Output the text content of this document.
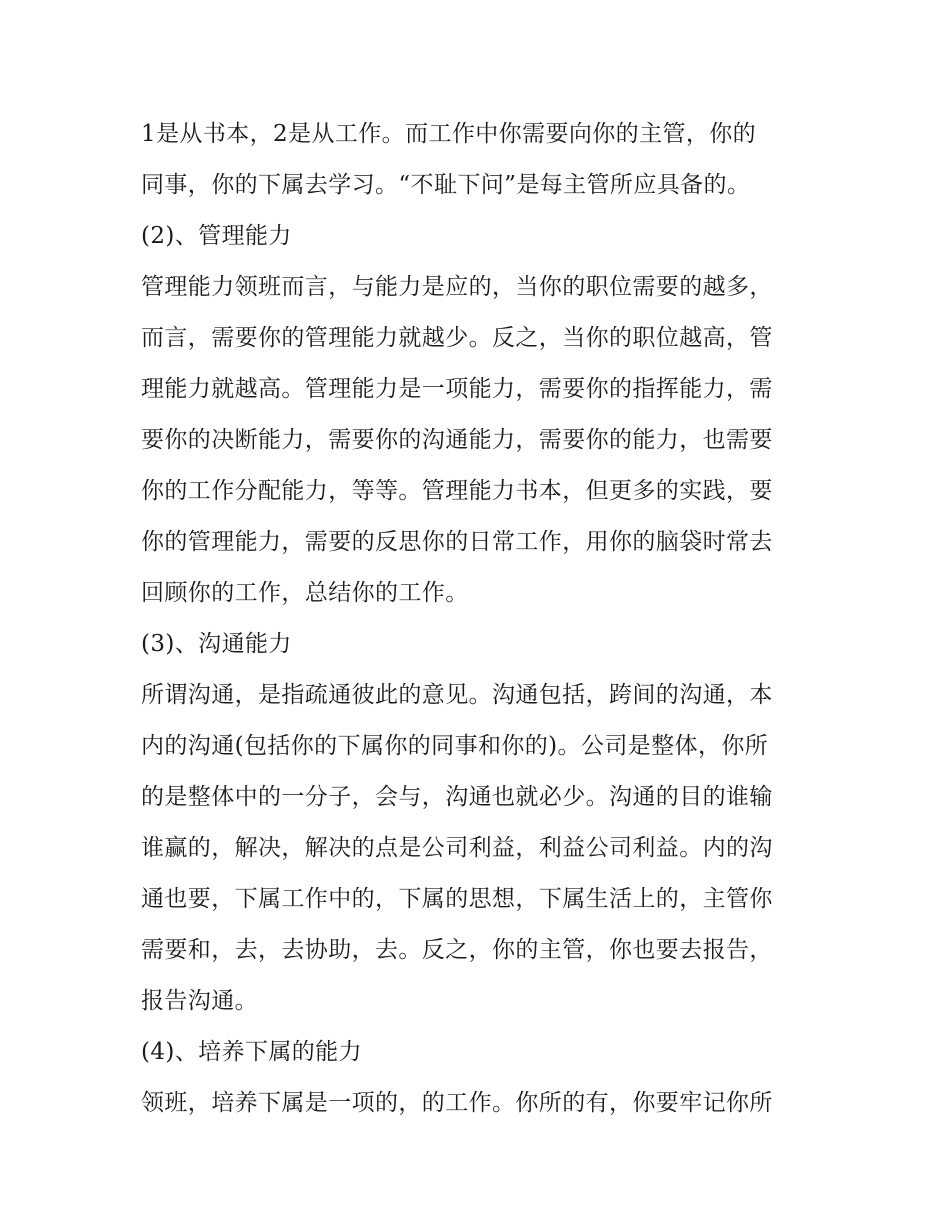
1是从书本，2是从工作。而工作中你需要向你的主管，你的
同事，你的下属去学习。“不耻下问”是每主管所应具备的。
(2)、管理能力
管理能力领班而言，与能力是应的，当你的职位需要的越多，
而言，需要你的管理能力就越少。反之，当你的职位越高，管
理能力就越高。管理能力是一项能力，需要你的指挥能力，需
要你的决断能力，需要你的沟通能力，需要你的能力，也需要
你的工作分配能力，等等。管理能力书本，但更多的实践，要
你的管理能力，需要的反思你的日常工作，用你的脑袋时常去
回顾你的工作，总结你的工作。
(3)、沟通能力
所谓沟通，是指疏通彼此的意见。沟通包括，跨间的沟通，本
内的沟通(包括你的下属你的同事和你的)。公司是整体，你所
的是整体中的一分子，会与，沟通也就必少。沟通的目的谁输
谁赢的，解决，解决的点是公司利益，利益公司利益。内的沟
通也要，下属工作中的，下属的思想，下属生活上的，主管你
需要和，去，去协助，去。反之，你的主管，你也要去报告，
报告沟通。
(4)、培养下属的能力
领班，培养下属是一项的，的工作。你所的有，你要牢记你所
